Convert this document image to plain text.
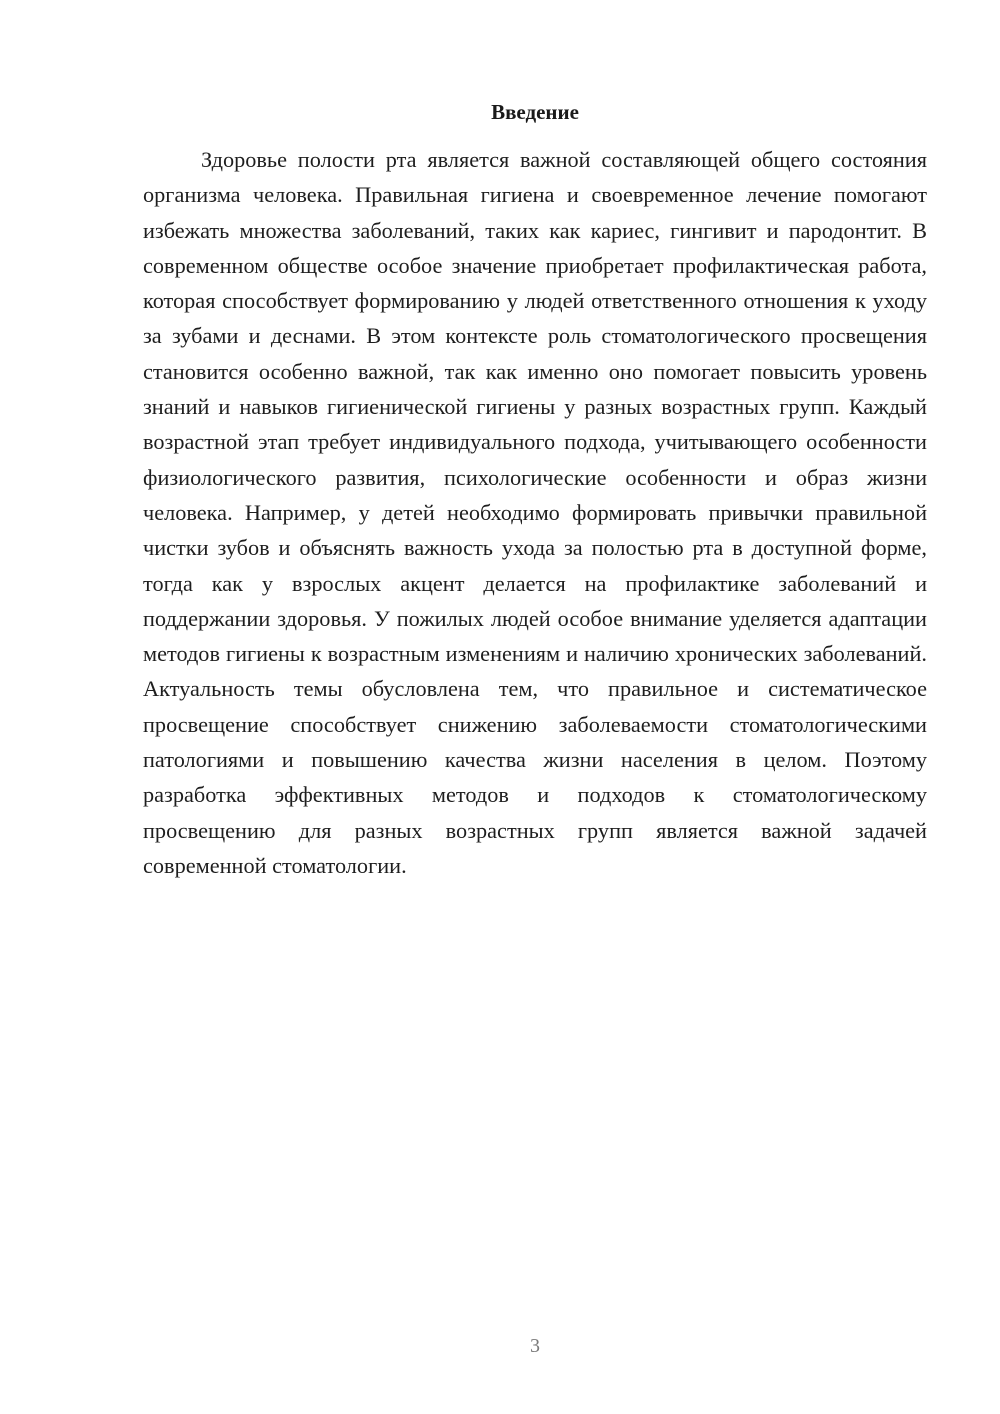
Введение

Здоровье полости рта является важной составляющей общего состояния организма человека. Правильная гигиена и своевременное лечение помогают избежать множества заболеваний, таких как кариес, гингивит и пародонтит. В современном обществе особое значение приобретает профилактическая работа, которая способствует формированию у людей ответственного отношения к уходу за зубами и деснами. В этом контексте роль стоматологического просвещения становится особенно важной, так как именно оно помогает повысить уровень знаний и навыков гигиенической гигиены у разных возрастных групп. Каждый возрастной этап требует индивидуального подхода, учитывающего особенности физиологического развития, психологические особенности и образ жизни человека. Например, у детей необходимо формировать привычки правильной чистки зубов и объяснять важность ухода за полостью рта в доступной форме, тогда как у взрослых акцент делается на профилактике заболеваний и поддержании здоровья. У пожилых людей особое внимание уделяется адаптации методов гигиены к возрастным изменениям и наличию хронических заболеваний. Актуальность темы обусловлена тем, что правильное и систематическое просвещение способствует снижению заболеваемости стоматологическими патологиями и повышению качества жизни населения в целом. Поэтому разработка эффективных методов и подходов к стоматологическому просвещению для разных возрастных групп является важной задачей современной стоматологии.

3
